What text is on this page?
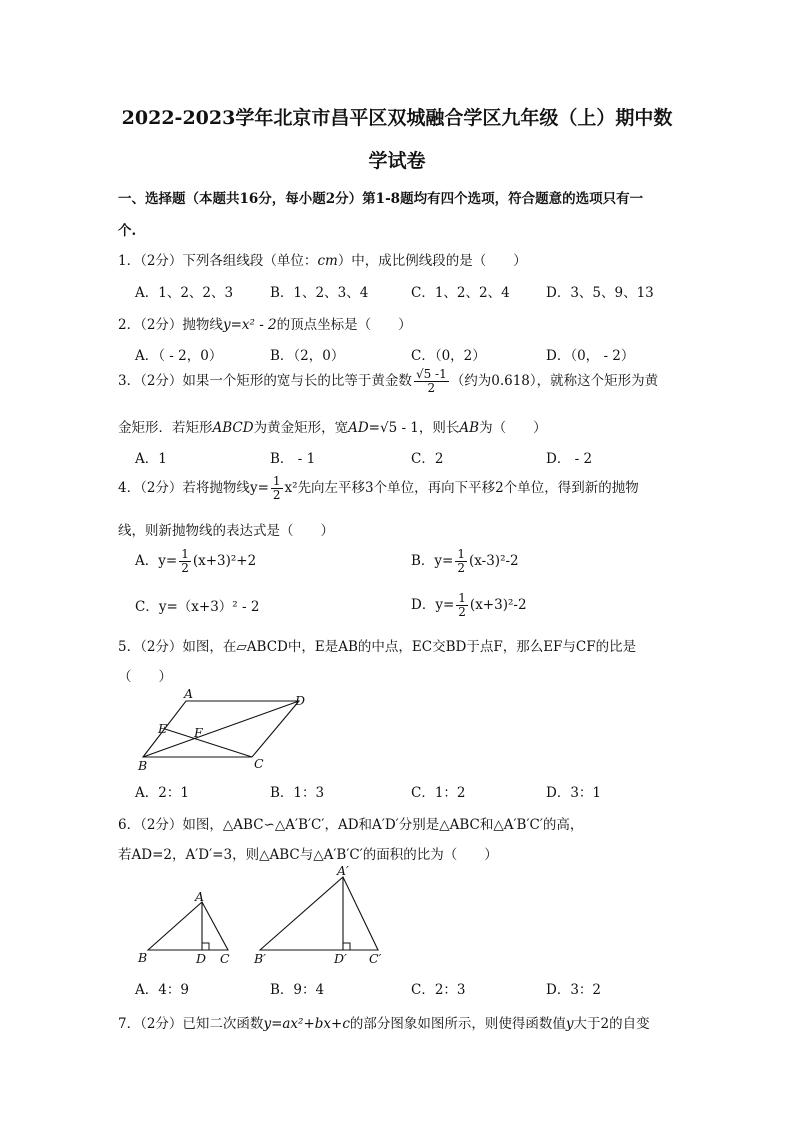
2022-2023学年北京市昌平区双城融合学区九年级（上）期中数
学试卷
一、选择题（本题共16分，每小题2分）第1-8题均有四个选项，符合题意的选项只有一
个.
1．（2分）下列各组线段（单位：cm）中，成比例线段的是（　　）
A．1、2、2、3	B．1、2、3、4	C．1、2、2、4	D．3、5、9、13
2．（2分）抛物线y=x² - 2的顶点坐标是（　　）
A．（ - 2，0）	B．（2，0）	C．（0，2）	D．（0， - 2）
3．（2分）如果一个矩形的宽与长的比等于黄金数 $\frac{√5 -1}{2}$ （约为0.618），就称这个矩形为黄
金矩形．若矩形ABCD为黄金矩形，宽AD=√5 - 1，则长AB为（　　）
A．1	B． - 1	C．2	D． - 2
4．（2分）若将抛物线$y= \frac{1}{2} x^2$先向左平移3个单位，再向下平移2个单位，得到新的抛物
线，则新抛物线的表达式是（　　）
A．$y= \frac{1}{2} (x+3)^2+2$	B．$y= \frac{1}{2} (x-3)^2-2$
C．y=（x+3）² - 2	D．$y= \frac{1}{2} (x+3)^2-2$
5．（2分）如图，在▱ABCD中，E是AB的中点，EC交BD于点F，那么EF与CF的比是
（　　）
A	D
E F
B	C
A．2：1	B．1：3	C．1：2	D．3：1
6．（2分）如图，△ABC∽△A′B′C′，AD和A′D′分别是△ABC和△A′B′C′的高，
若AD=2，A′D′=3，则△ABC与△A′B′C′的面积的比为（　　）
A
B	D C
A′
B′	D′ C′
A．4：9	B．9：4	C．2：3	D．3：2
7．（2分）已知二次函数y=ax²+bx+c的部分图象如图所示，则使得函数值y大于2的自变
